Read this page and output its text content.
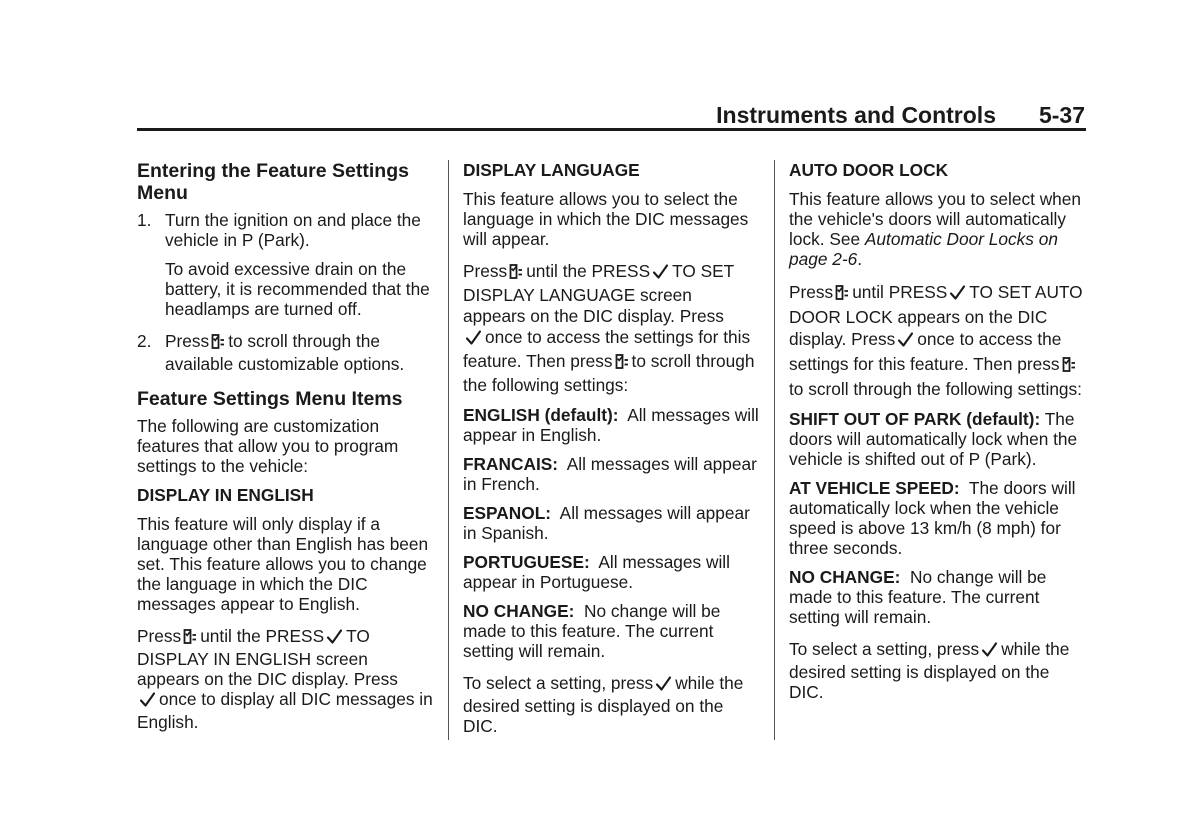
Instruments and Controls 5-37
Entering the Feature Settings Menu
1. Turn the ignition on and place the vehicle in P (Park).
To avoid excessive drain on the battery, it is recommended that the headlamps are turned off.
2. Press to scroll through the available customizable options.
Feature Settings Menu Items
The following are customization features that allow you to program settings to the vehicle:
DISPLAY IN ENGLISH
This feature will only display if a language other than English has been set. This feature allows you to change the language in which the DIC messages appear to English.
Press until the PRESS TO DISPLAY IN ENGLISH screen appears on the DIC display. Press
once to display all DIC messages in English.
DISPLAY LANGUAGE
This feature allows you to select the language in which the DIC messages will appear.
Press until the PRESS TO SET DISPLAY LANGUAGE screen appears on the DIC display. Press
once to access the settings for this feature. Then press to scroll through the following settings:
ENGLISH (default): All messages will appear in English.
FRANCAIS: All messages will appear in French.
ESPANOL: All messages will appear in Spanish.
PORTUGUESE: All messages will appear in Portuguese.
NO CHANGE: No change will be made to this feature. The current setting will remain.
To select a setting, press while the desired setting is displayed on the DIC.
AUTO DOOR LOCK
This feature allows you to select when the vehicle's doors will automatically lock. See Automatic Door Locks on page 2-6.
Press until PRESS TO SET AUTO DOOR LOCK appears on the DIC display. Press once to access the settings for this feature. Then pressto scroll through the following settings:
SHIFT OUT OF PARK (default): The doors will automatically lock when the vehicle is shifted out of P (Park).
AT VEHICLE SPEED: The doors will automatically lock when the vehicle speed is above 13 km/h (8 mph) for three seconds.
NO CHANGE: No change will be made to this feature. The current setting will remain.
To select a setting, press while the desired setting is displayed on the DIC.
